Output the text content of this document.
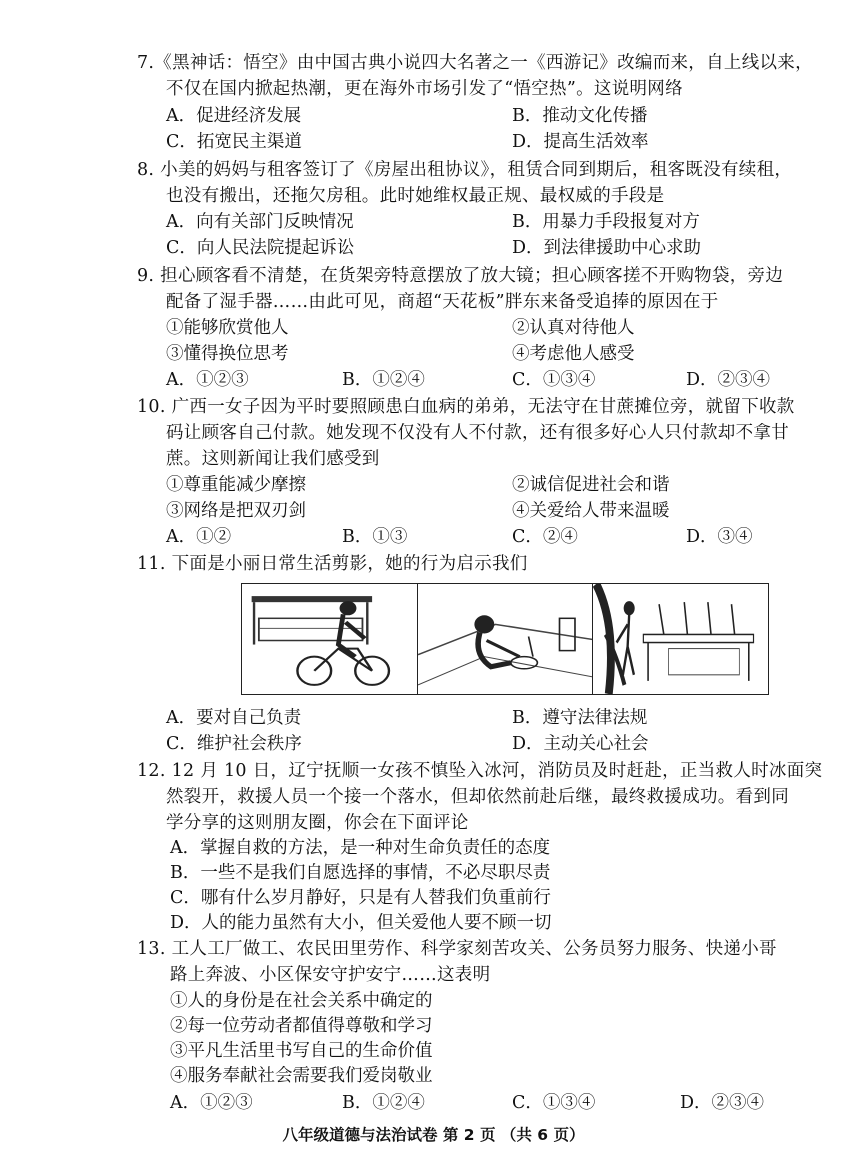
7.《黑神话：悟空》由中国古典小说四大名著之一《西游记》改编而来，自上线以来，
不仅在国内掀起热潮，更在海外市场引发了“悟空热”。这说明网络
A．促进经济发展	B．推动文化传播
C．拓宽民主渠道	D．提高生活效率
8. 小美的妈妈与租客签订了《房屋出租协议》，租赁合同到期后，租客既没有续租，
也没有搬出，还拖欠房租。此时她维权最正规、最权威的手段是
A．向有关部门反映情况	B．用暴力手段报复对方
C．向人民法院提起诉讼	D．到法律援助中心求助
9. 担心顾客看不清楚，在货架旁特意摆放了放大镜；担心顾客搓不开购物袋，旁边
配备了湿手器……由此可见，商超“天花板”胖东来备受追捧的原因在于
①能够欣赏他人	②认真对待他人
③懂得换位思考	④考虑他人感受
A．①②③	B．①②④	C．①③④	D．②③④
10. 广西一女子因为平时要照顾患白血病的弟弟，无法守在甘蔗摊位旁，就留下收款
码让顾客自己付款。她发现不仅没有人不付款，还有很多好心人只付款却不拿甘
蔗。这则新闻让我们感受到
①尊重能减少摩擦	②诚信促进社会和谐
③网络是把双刃剑	④关爱给人带来温暖
A．①②	B．①③	C．②④	D．③④
11. 下面是小丽日常生活剪影，她的行为启示我们
A．要对自己负责	B．遵守法律法规
C．维护社会秩序	D．主动关心社会
12. 12 月 10 日，辽宁抚顺一女孩不慎坠入冰河，消防员及时赶赴，正当救人时冰面突
然裂开，救援人员一个接一个落水，但却依然前赴后继，最终救援成功。看到同
学分享的这则朋友圈，你会在下面评论
A．掌握自救的方法，是一种对生命负责任的态度
B．一些不是我们自愿选择的事情，不必尽职尽责
C．哪有什么岁月静好，只是有人替我们负重前行
D．人的能力虽然有大小，但关爱他人要不顾一切
13. 工人工厂做工、农民田里劳作、科学家刻苦攻关、公务员努力服务、快递小哥
路上奔波、小区保安守护安宁……这表明
①人的身份是在社会关系中确定的
②每一位劳动者都值得尊敬和学习
③平凡生活里书写自己的生命价值
④服务奉献社会需要我们爱岗敬业
A．①②③	B．①②④	C．①③④	D．②③④
八年级道德与法治试卷 第 2 页 （共 6 页）
